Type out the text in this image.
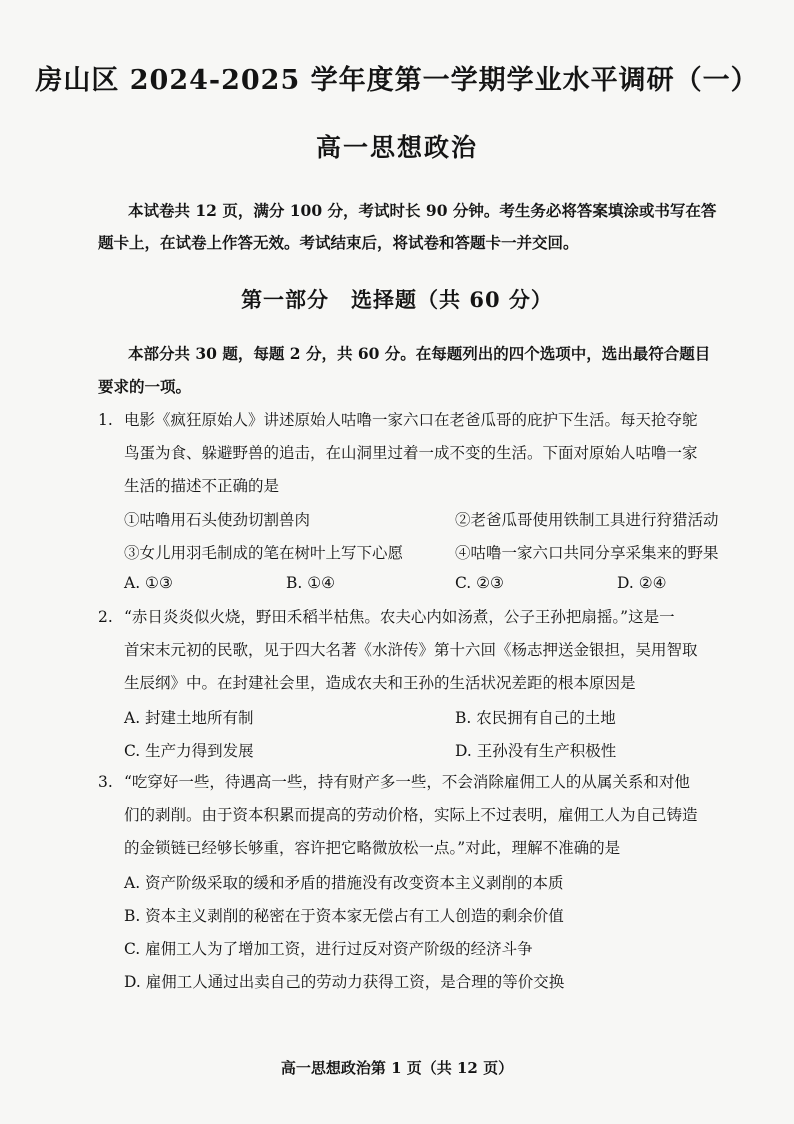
房山区 2024-2025 学年度第一学期学业水平调研（一）
高一思想政治
本试卷共 12 页，满分 100 分，考试时长 90 分钟。考生务必将答案填涂或书写在答
题卡上，在试卷上作答无效。考试结束后，将试卷和答题卡一并交回。
第一部分　选择题（共 60 分）
本部分共 30 题，每题 2 分，共 60 分。在每题列出的四个选项中，选出最符合题目
要求的一项。
1. 电影《疯狂原始人》讲述原始人咕噜一家六口在老爸瓜哥的庇护下生活。每天抢夺鸵
鸟蛋为食、躲避野兽的追击，在山洞里过着一成不变的生活。下面对原始人咕噜一家
生活的描述不正确的是
①咕噜用石头使劲切割兽肉	②老爸瓜哥使用铁制工具进行狩猎活动
③女儿用羽毛制成的笔在树叶上写下心愿	④咕噜一家六口共同分享采集来的野果
A. ①③	B. ①④	C. ②③	D. ②④
2. “赤日炎炎似火烧，野田禾稻半枯焦。农夫心内如汤煮，公子王孙把扇摇。”这是一
首宋末元初的民歌，见于四大名著《水浒传》第十六回《杨志押送金银担，吴用智取
生辰纲》中。在封建社会里，造成农夫和王孙的生活状况差距的根本原因是
A. 封建土地所有制	B. 农民拥有自己的土地
C. 生产力得到发展	D. 王孙没有生产积极性
3. “吃穿好一些，待遇高一些，持有财产多一些，不会消除雇佣工人的从属关系和对他
们的剥削。由于资本积累而提高的劳动价格，实际上不过表明，雇佣工人为自己铸造
的金锁链已经够长够重，容许把它略微放松一点。”对此，理解不准确的是
A. 资产阶级采取的缓和矛盾的措施没有改变资本主义剥削的本质
B. 资本主义剥削的秘密在于资本家无偿占有工人创造的剩余价值
C. 雇佣工人为了增加工资，进行过反对资产阶级的经济斗争
D. 雇佣工人通过出卖自己的劳动力获得工资，是合理的等价交换
高一思想政治第 1 页（共 12 页）
